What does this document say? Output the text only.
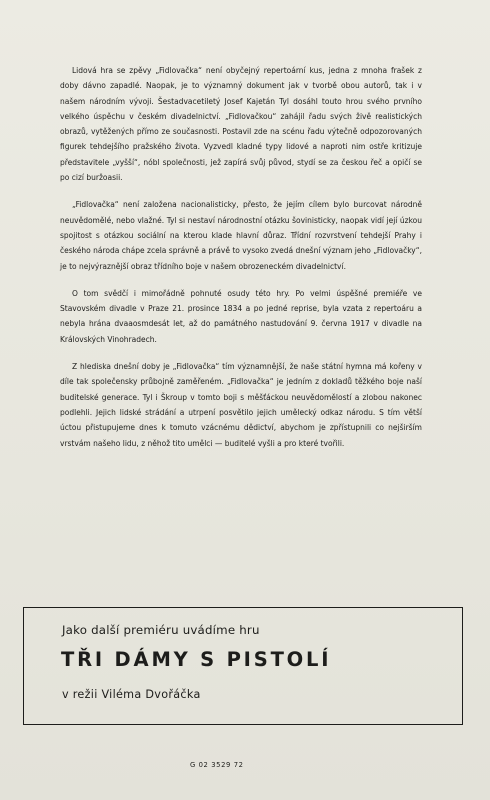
Lidová hra se zpěvy „Fidlovačka“ není obyčejný repertoární kus, jedna z mnoha frašek z doby dávno zapadlé. Naopak, je to významný dokument jak v tvorbě obou autorů, tak i v našem národním vývoji. Šestadvacetiletý Josef Kajetán Tyl dosáhl touto hrou svého prvního velkého úspěchu v českém divadelnictví. „Fidlovačkou“ zahájil řadu svých živě realistických obrazů, vytěžených přímo ze současnosti. Postavil zde na scénu řadu výtečně odpozorovaných figurek tehdejšího pražského života. Vyzvedl kladné typy lidové a naproti nim ostře kritizuje představitele „vyšší“, nóbl společnosti, jež zapírá svůj původ, stydí se za českou řeč a opičí se po cizí buržoasii.

„Fidlovačka“ není založena nacionalisticky, přesto, že jejím cílem bylo burcovat národně neuvědomělé, nebo vlažné. Tyl si nestaví národnostní otázku šovinisticky, naopak vidí její úzkou spojitost s otázkou sociální na kterou klade hlavní důraz. Třídní rozvrstvení tehdejší Prahy i českého národa chápe zcela správně a právě to vysoko zvedá dnešní význam jeho „Fidlovačky“, je to nejvýraznější obraz třídního boje v našem obrozeneckém divadelnictví.

O tom svědčí i mimořádně pohnuté osudy této hry. Po velmi úspěšné premiéře ve Stavovském divadle v Praze 21. prosince 1834 a po jedné reprise, byla vzata z repertoáru a nebyla hrána dvaaosmdesát let, až do památného nastudování 9. června 1917 v divadle na Královských Vinohradech.

Z hlediska dnešní doby je „Fidlovačka“ tím významnější, že naše státní hymna má kořeny v díle tak společensky průbojně zaměřeném. „Fidlovačka“ je jedním z dokladů těžkého boje naší buditelské generace. Tyl i Škroup v tomto boji s měšťáckou neuvědomělostí a zlobou nakonec podlehli. Jejich lidské strádání a utrpení posvětilo jejich umělecký odkaz národu. S tím větší úctou přistupujeme dnes k tomuto vzácnému dědictví, abychom je zpřístupnili co nejširším vrstvám našeho lidu, z něhož tito umělci — buditelé vyšli a pro které tvořili.

Jako další premiéru uvádíme hru
TŘI DÁMY S PISTOLÍ
v režii Viléma Dvořáčka
G 02 3529 72
